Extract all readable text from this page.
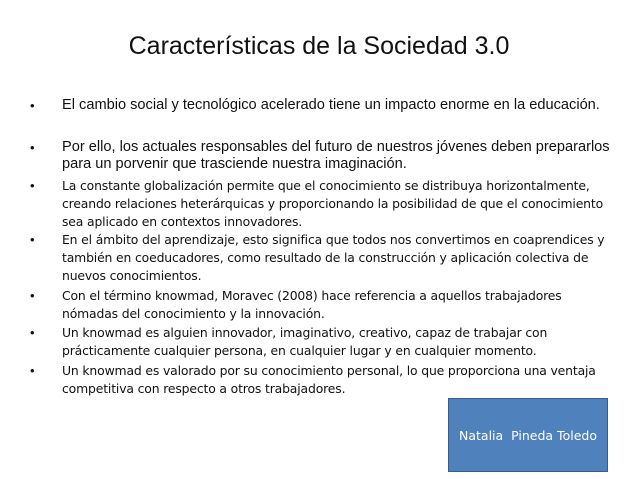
Características de la Sociedad 3.0
• El cambio social y tecnológico acelerado tiene un impacto enorme en la educación.
• Por ello, los actuales responsables del futuro de nuestros jóvenes deben prepararlos para un porvenir que trasciende nuestra imaginación.
• La constante globalización permite que el conocimiento se distribuya horizontalmente, creando relaciones heterárquicas y proporcionando la posibilidad de que el conocimiento sea aplicado en contextos innovadores.
• En el ámbito del aprendizaje, esto significa que todos nos convertimos en coaprendices y también en coeducadores, como resultado de la construcción y aplicación colectiva de nuevos conocimientos.
• Con el término knowmad, Moravec (2008) hace referencia a aquellos trabajadores nómadas del conocimiento y la innovación.
• Un knowmad es alguien innovador, imaginativo, creativo, capaz de trabajar con prácticamente cualquier persona, en cualquier lugar y en cualquier momento.
• Un knowmad es valorado por su conocimiento personal, lo que proporciona una ventaja competitiva con respecto a otros trabajadores.
Natalia  Pineda Toledo
